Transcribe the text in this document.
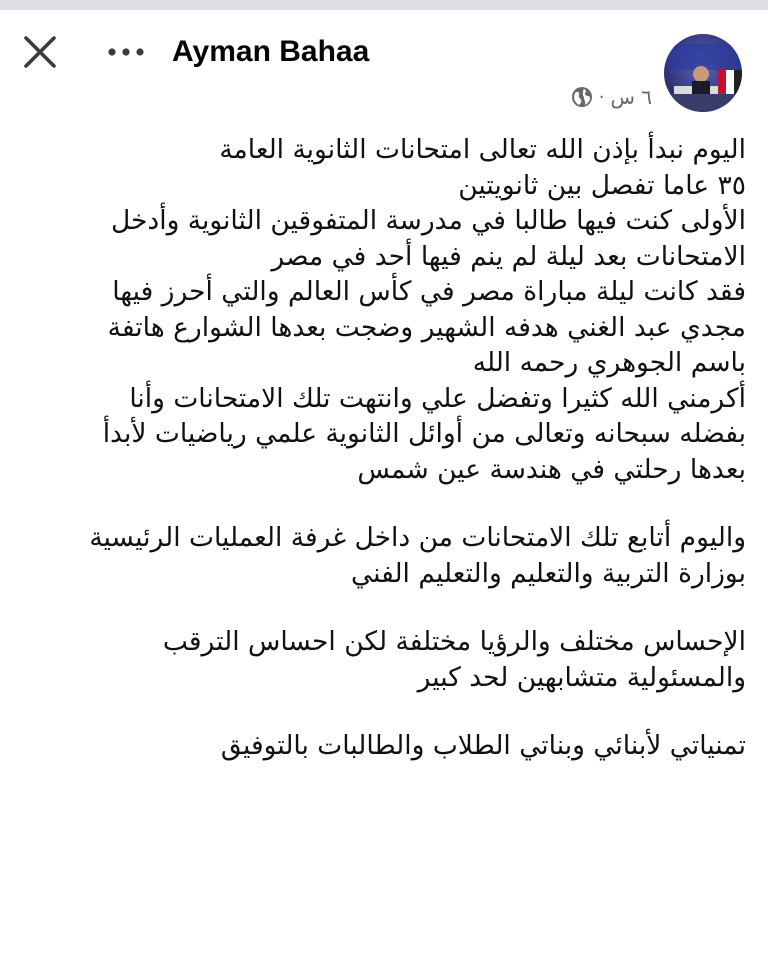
Ayman Bahaa
٦ س
·
اليوم نبدأ بإذن الله تعالى امتحانات الثانوية العامة
٣٥ عاما تفصل بين ثانويتين
الأولى كنت فيها طالبا في مدرسة المتفوقين الثانوية وأدخل
الامتحانات بعد ليلة لم ينم فيها أحد في مصر
فقد كانت ليلة مباراة مصر في كأس العالم والتي أحرز فيها
مجدي عبد الغني هدفه الشهير وضجت بعدها الشوارع هاتفة
باسم الجوهري رحمه الله
أكرمني الله كثيرا وتفضل علي وانتهت تلك الامتحانات وأنا
بفضله سبحانه وتعالى من أوائل الثانوية علمي رياضيات لأبدأ
بعدها رحلتي في هندسة عين شمس
واليوم أتابع تلك الامتحانات من داخل غرفة العمليات الرئيسية
بوزارة التربية والتعليم والتعليم الفني
الإحساس مختلف والرؤيا مختلفة لكن احساس الترقب
والمسئولية متشابهين لحد كبير
تمنياتي لأبنائي وبناتي الطلاب والطالبات بالتوفيق
